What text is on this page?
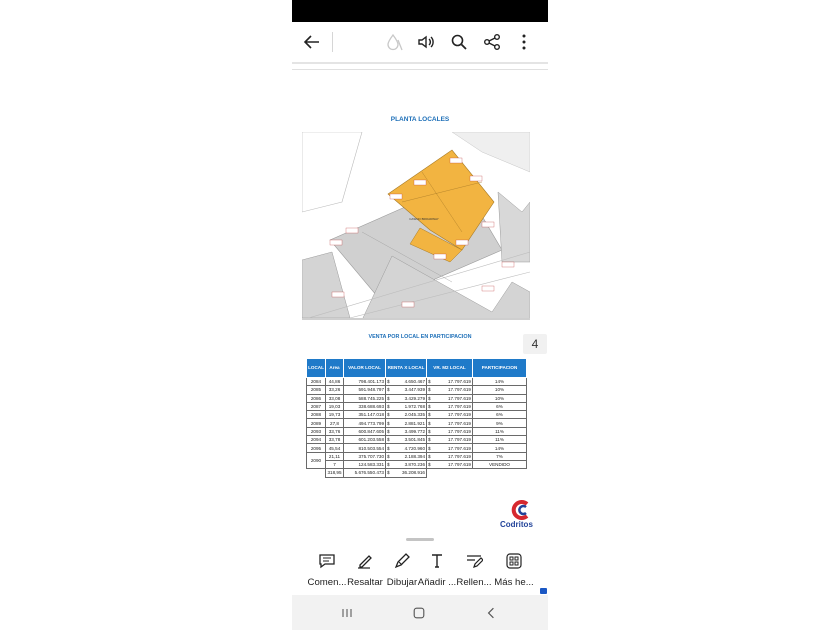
PLANTA LOCALES
CASINO BROADWAY
VENTA POR LOCAL EN PARTICIPACION	4
LOCAL	Area	VALOR LOCAL	RENTA X LOCAL	VR. M2 LOCAL	PARTICIPACION
2084	44,86	798.401.173	$ 4.650.467	$ 17.797.619	14%
2085	33,26	591.948.797	$ 3.447.939	$ 17.797.619	10%
2086	33,08	588.745.225	$ 3.429.279	$ 17.797.619	10%
2087	19,03	338.688.693	$ 1.972.768	$ 17.797.619	6%
2088	19,73	351.147.018	$ 2.045.335	$ 17.797.619	6%
2089	27,8	494.773.799	$ 2.881.921	$ 17.797.619	9%
2093	33,76	600.847.605	$ 3.499.772	$ 17.797.619	11%
2094	33,78	601.203.558	$ 3.501.845	$ 17.797.619	11%
2095	45,54	810.503.554	$ 4.720.960	$ 17.797.619	14%
2090	21,11	375.707.730	$ 2.188.394	$ 17.797.619	7%
	7	124.583.331	$ 3.870.236	$ 17.797.619	VENDIDO
	318,95	5.676.550.473	$ 36.208.916		

Codritos
Comen... Resaltar Dibujar Añadir ... Rellen... Más he...
